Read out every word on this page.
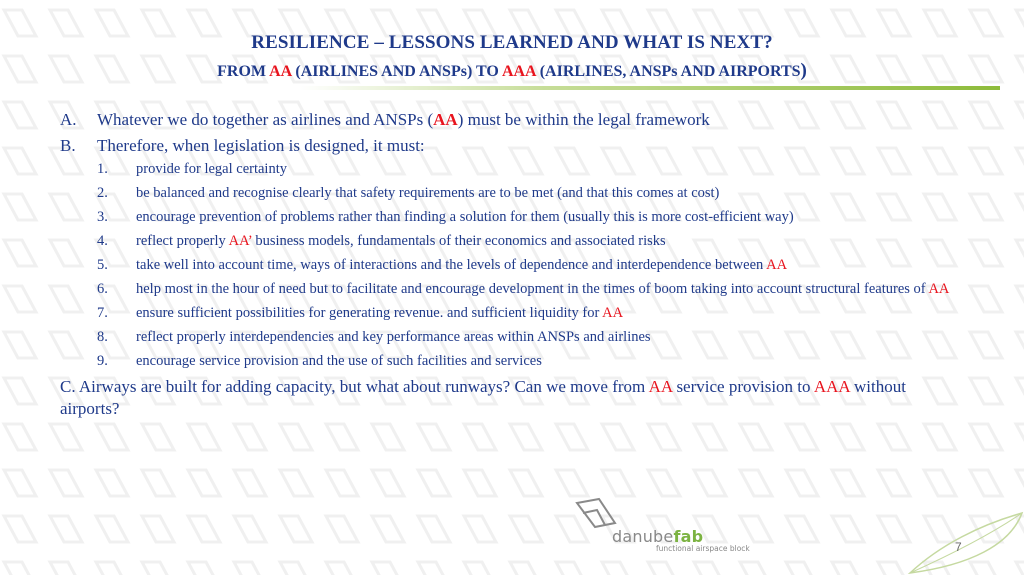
RESILIENCE – LESSONS LEARNED AND WHAT IS NEXT?
FROM AA (AIRLINES AND ANSPs) TO AAA (AIRLINES, ANSPs AND AIRPORTS)
A. Whatever we do together as airlines and ANSPs (AA) must be within the legal framework
B. Therefore, when legislation is designed, it must:
1. provide for legal certainty
2. be balanced and recognise clearly that safety requirements are to be met (and that this comes at cost)
3. encourage prevention of problems rather than finding a solution for them (usually this is more cost-efficient way)
4. reflect properly AA’ business models, fundamentals of their economics and associated risks
5. take well into account time, ways of interactions and the levels of dependence and interdependence between AA
6. help most in the hour of need but to facilitate and encourage development in the times of boom taking into account structural features of AA
7. ensure sufficient possibilities for generating revenue. and sufficient liquidity for AA
8. reflect properly interdependencies and key performance areas within ANSPs and airlines
9. encourage service provision and the use of such facilities and services
C. Airways are built for adding capacity, but what about runways? Can we move from AA service provision to AAA without airports?
danubefab
functional airspace block	7
